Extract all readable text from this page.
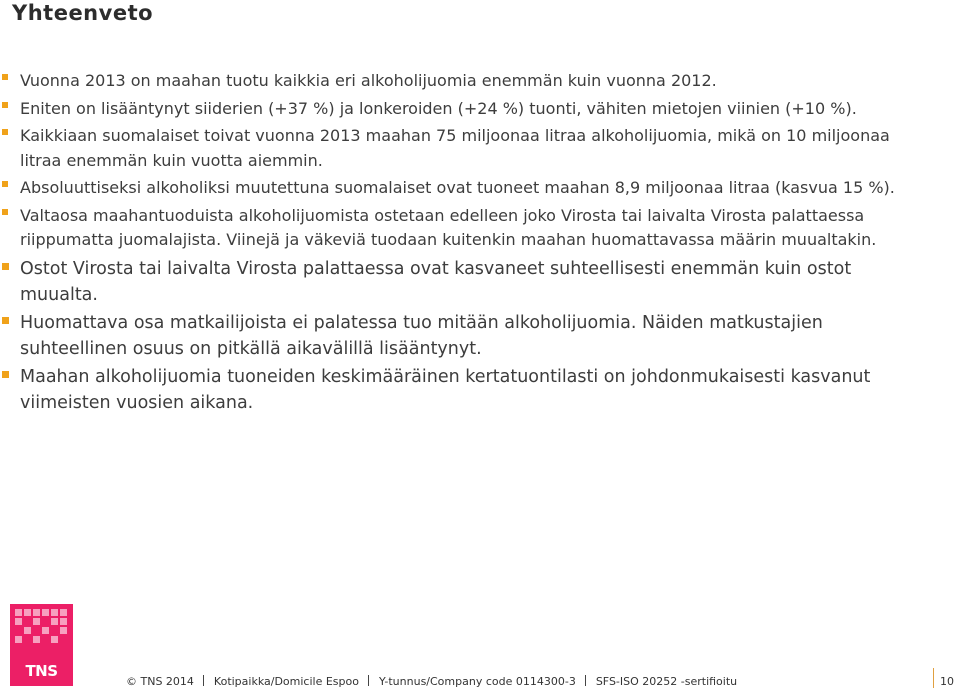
Yhteenveto
Vuonna 2013 on maahan tuotu kaikkia eri alkoholijuomia enemmän kuin vuonna 2012.
Eniten on lisääntynyt siiderien (+37 %) ja lonkeroiden (+24 %) tuonti, vähiten mietojen viinien (+10 %).
Kaikkiaan suomalaiset toivat vuonna 2013 maahan 75 miljoonaa litraa alkoholijuomia, mikä on 10 miljoonaa litraa enemmän kuin vuotta aiemmin.
Absoluuttiseksi alkoholiksi muutettuna suomalaiset ovat tuoneet maahan 8,9 miljoonaa litraa (kasvua 15 %).
Valtaosa maahantuoduista alkoholijuomista ostetaan edelleen joko Virosta tai laivalta Virosta palattaessa riippumatta juomalajista. Viinejä ja väkeviä tuodaan kuitenkin maahan huomattavassa määrin muualtakin.
Ostot Virosta tai laivalta Virosta palattaessa ovat kasvaneet suhteellisesti enemmän kuin ostot muualta.
Huomattava osa matkailijoista ei palatessa tuo mitään alkoholijuomia. Näiden matkustajien suhteellinen osuus on pitkällä aikavälillä lisääntynyt.
Maahan alkoholijuomia tuoneiden keskimääräinen kertatuontilasti on johdonmukaisesti kasvanut viimeisten vuosien aikana.
TNS
© TNS 2014 Kotipaikka/Domicile Espoo Y-tunnus/Company code 0114300-3 SFS-ISO 20252 -sertifioitu	10
